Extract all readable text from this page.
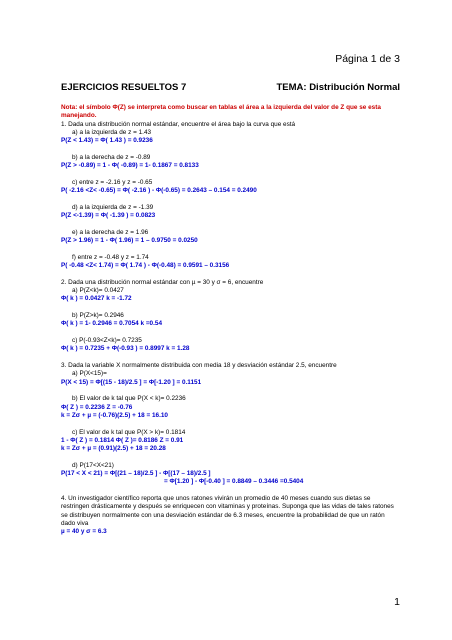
Página 1 de 3
EJERCICIOS RESUELTOS 7	TEMA: Distribución Normal

Nota: el símbolo Φ(Z) se interpreta como buscar en tablas el área a la izquierda del valor de Z que se esta manejando.

1. Dada una distribución normal estándar, encuentre el área bajo la curva que está

a) a la izquierda de z = 1.43

P(Z < 1.43) = Φ( 1.43 ) = 0.9236

b) a la derecha de z = -0.89

P(Z > -0.89) = 1 - Φ( -0.89) = 1- 0.1867 = 0.8133

c) entre z = -2.16 y z = -0.65

P( -2.16 <Z< -0.65) = Φ( -2.16 ) - Φ(-0.65) = 0.2643 – 0.154 = 0.2490

d) a la izquierda de z = -1.39

P(Z <-1.39) = Φ( -1.39 ) = 0.0823

e) a la derecha de z = 1.96

P(Z > 1.96) = 1 - Φ( 1.96) = 1 – 0.9750 = 0.0250

f) entre z = -0.48 y z = 1.74

P( -0.48 <Z< 1.74) = Φ( 1.74 ) - Φ(-0.48) = 0.9591 – 0.3156

2. Dada una distribución normal estándar con µ = 30 y σ = 6, encuentre

a) P(Z<k)= 0.0427

Φ( k ) = 0.0427 k = -1.72

b) P(Z>k)= 0.2946

Φ( k ) = 1- 0.2946 = 0.7054 k =0.54

c) P(-0.93<Z<k)= 0.7235

Φ( k ) = 0.7235 + Φ(-0.93 ) = 0.8997 k = 1.28

3. Dada la variable X normalmente distribuida con media 18 y desviación estándar 2.5, encuentre

a) P(X<15)=

P(X < 15) = Φ[(15 - 18)/2.5 ] = Φ[-1.20 ] = 0.1151

b) El valor de k tal que P(X < k)= 0.2236

Φ( Z ) = 0.2236 Z = -0.76

k = Zσ + µ = (-0.76)(2.5) + 18 = 16.10

c) El valor de k tal que P(X > k)= 0.1814

1 - Φ( Z ) = 0.1814 Φ( Z )= 0.8186 Z = 0.91

k = Zσ + µ = (0.91)(2.5) + 18 = 20.28

d) P(17<X<21)

P(17 < X < 21) = Φ[(21 – 18)/2.5 ] - Φ[(17 – 18)/2.5 ]

= Φ[1.20 ] - Φ[-0.40 ] = 0.8849 – 0.3446 =0.5404

4. Un investigador científico reporta que unos ratones vivirán un promedio de 40 meses cuando sus dietas se restringen drásticamente y después se enriquecen con vitaminas y proteínas. Suponga que las vidas de tales ratones se distribuyen normalmente con una desviación estándar de 6.3 meses, encuentre la probabilidad de que un ratón dado viva

µ = 40 y σ = 6.3

1
